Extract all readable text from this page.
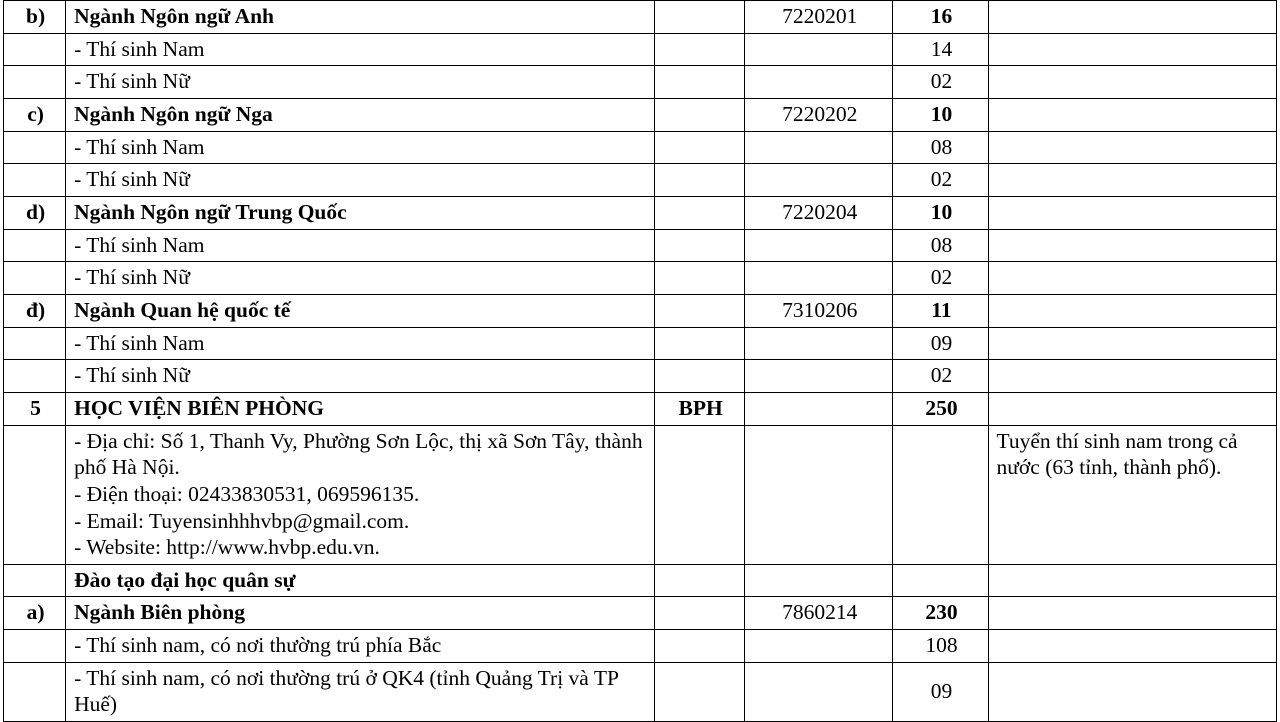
b)	Ngành Ngôn ngữ Anh		7220201	16	
	- Thí sinh Nam			14	
	- Thí sinh Nữ			02	
c)	Ngành Ngôn ngữ Nga		7220202	10	
	- Thí sinh Nam			08	
	- Thí sinh Nữ			02	
d)	Ngành Ngôn ngữ Trung Quốc		7220204	10	
	- Thí sinh Nam			08	
	- Thí sinh Nữ			02	
đ)	Ngành Quan hệ quốc tế		7310206	11	
	- Thí sinh Nam			09	
	- Thí sinh Nữ			02	
5	HỌC VIỆN BIÊN PHÒNG	BPH		250	
	- Địa chỉ: Số 1, Thanh Vy, Phường Sơn Lộc, thị xã Sơn Tây, thành phố Hà Nội.
- Điện thoại: 02433830531, 069596135.
- Email: Tuyensinhhhvbp@gmail.com.
- Website: http://www.hvbp.edu.vn.				Tuyển thí sinh nam trong cả nước (63 tỉnh, thành phố).
	Đào tạo đại học quân sự				
a)	Ngành Biên phòng		7860214	230	
	- Thí sinh nam, có nơi thường trú phía Bắc			108	
	- Thí sinh nam, có nơi thường trú ở QK4 (tỉnh Quảng Trị và TP Huế)			09	
